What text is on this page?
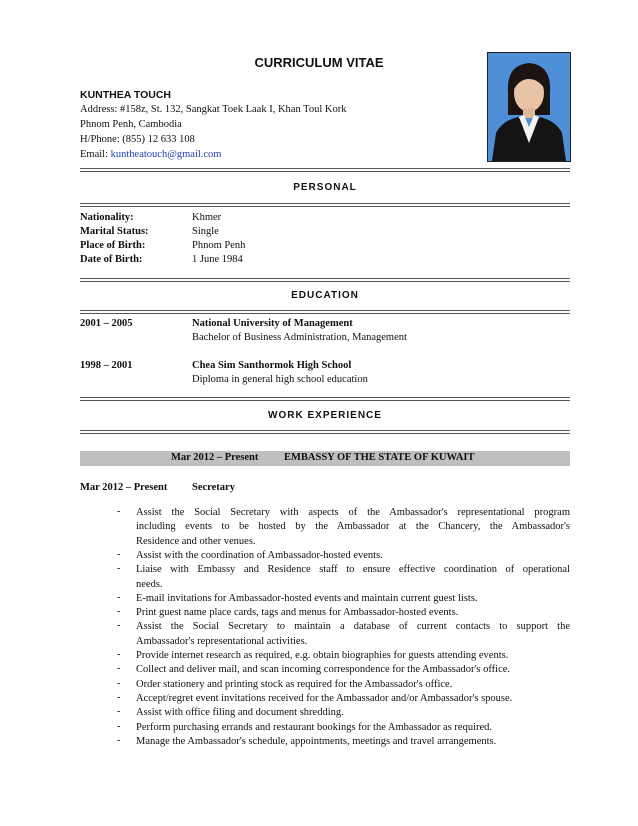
CURRICULUM VITAE
KUNTHEA TOUCH
Address: #158z, St. 132, Sangkat Toek Laak I, Khan Toul Kork
Phnom Penh, Cambodia
H/Phone: (855) 12 633 108
Email: kuntheatouch@gmail.com
PERSONAL
Nationality:	Khmer
Marital Status:	Single
Place of Birth:	Phnom Penh
Date of Birth:	1 June 1984
EDUCATION
2001 – 2005	National University of Management
Bachelor of Business Administration, Management
1998 – 2001	Chea Sim Santhormok High School
Diploma in general high school education
WORK EXPERIENCE
Mar 2012 – Present EMBASSY OF THE STATE OF KUWAIT
Mar 2012 – Present Secretary
- Assist the Social Secretary with aspects of the Ambassador's representational program
including events to be hosted by the Ambassador at the Chancery, the Ambassador's
Residence and other venues.
- Assist with the coordination of Ambassador-hosted events.
- Liaise with Embassy and Residence staff to ensure effective coordination of operational
needs.
- E-mail invitations for Ambassador-hosted events and maintain current guest lists.
- Print guest name place cards, tags and menus for Ambassador-hosted events.
- Assist the Social Secretary to maintain a database of current contacts to support the
Ambassador's representational activities.
- Provide internet research as required, e.g. obtain biographies for guests attending events.
- Collect and deliver mail, and scan incoming correspondence for the Ambassador's office.
- Order stationery and printing stock as required for the Ambassador's office.
- Accept/regret event invitations received for the Ambassador and/or Ambassador's spouse.
- Assist with office filing and document shredding.
- Perform purchasing errands and restaurant bookings for the Ambassador as required.
- Manage the Ambassador's schedule, appointments, meetings and travel arrangements.
